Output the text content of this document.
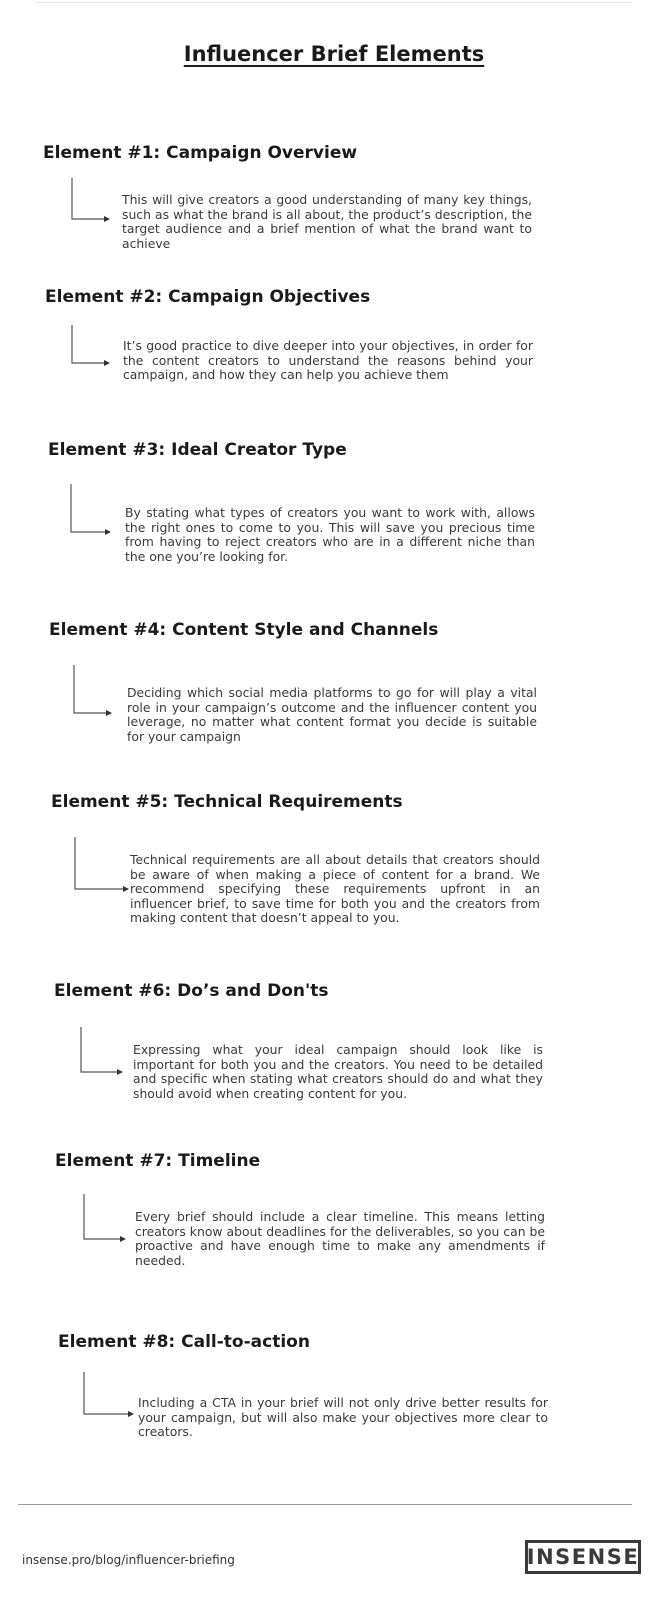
Influencer Brief Elements
Element #1: Campaign Overview

This will give creators a good understanding of many key things, such as what the brand is all about, the product’s description, the target audience and a brief mention of what the brand want to achieve

Element #2: Campaign Objectives

It’s good practice to dive deeper into your objectives, in order for the content creators to understand the reasons behind your campaign, and how they can help you achieve them

Element #3: Ideal Creator Type

By stating what types of creators you want to work with, allows the right ones to come to you. This will save you precious time from having to reject creators who are in a different niche than the one you’re looking for.

Element #4: Content Style and Channels

Deciding which social media platforms to go for will play a vital role in your campaign’s outcome and the influencer content you leverage, no matter what content format you decide is suitable for your campaign

Element #5: Technical Requirements

Technical requirements are all about details that creators should be aware of when making a piece of content for a brand. We recommend specifying these requirements upfront in an influencer brief, to save time for both you and the creators from making content that doesn’t appeal to you.

Element #6: Do’s and Don'ts

Expressing what your ideal campaign should look like is important for both you and the creators. You need to be detailed and specific when stating what creators should do and what they should avoid when creating content for you.

Element #7: Timeline

Every brief should include a clear timeline. This means letting creators know about deadlines for the deliverables, so you can be proactive and have enough time to make any amendments if needed.

Element #8: Call-to-action

Including a CTA in your brief will not only drive better results for your campaign, but will also make your objectives more clear to creators.

insense.pro/blog/influencer-briefing	INSENSE
